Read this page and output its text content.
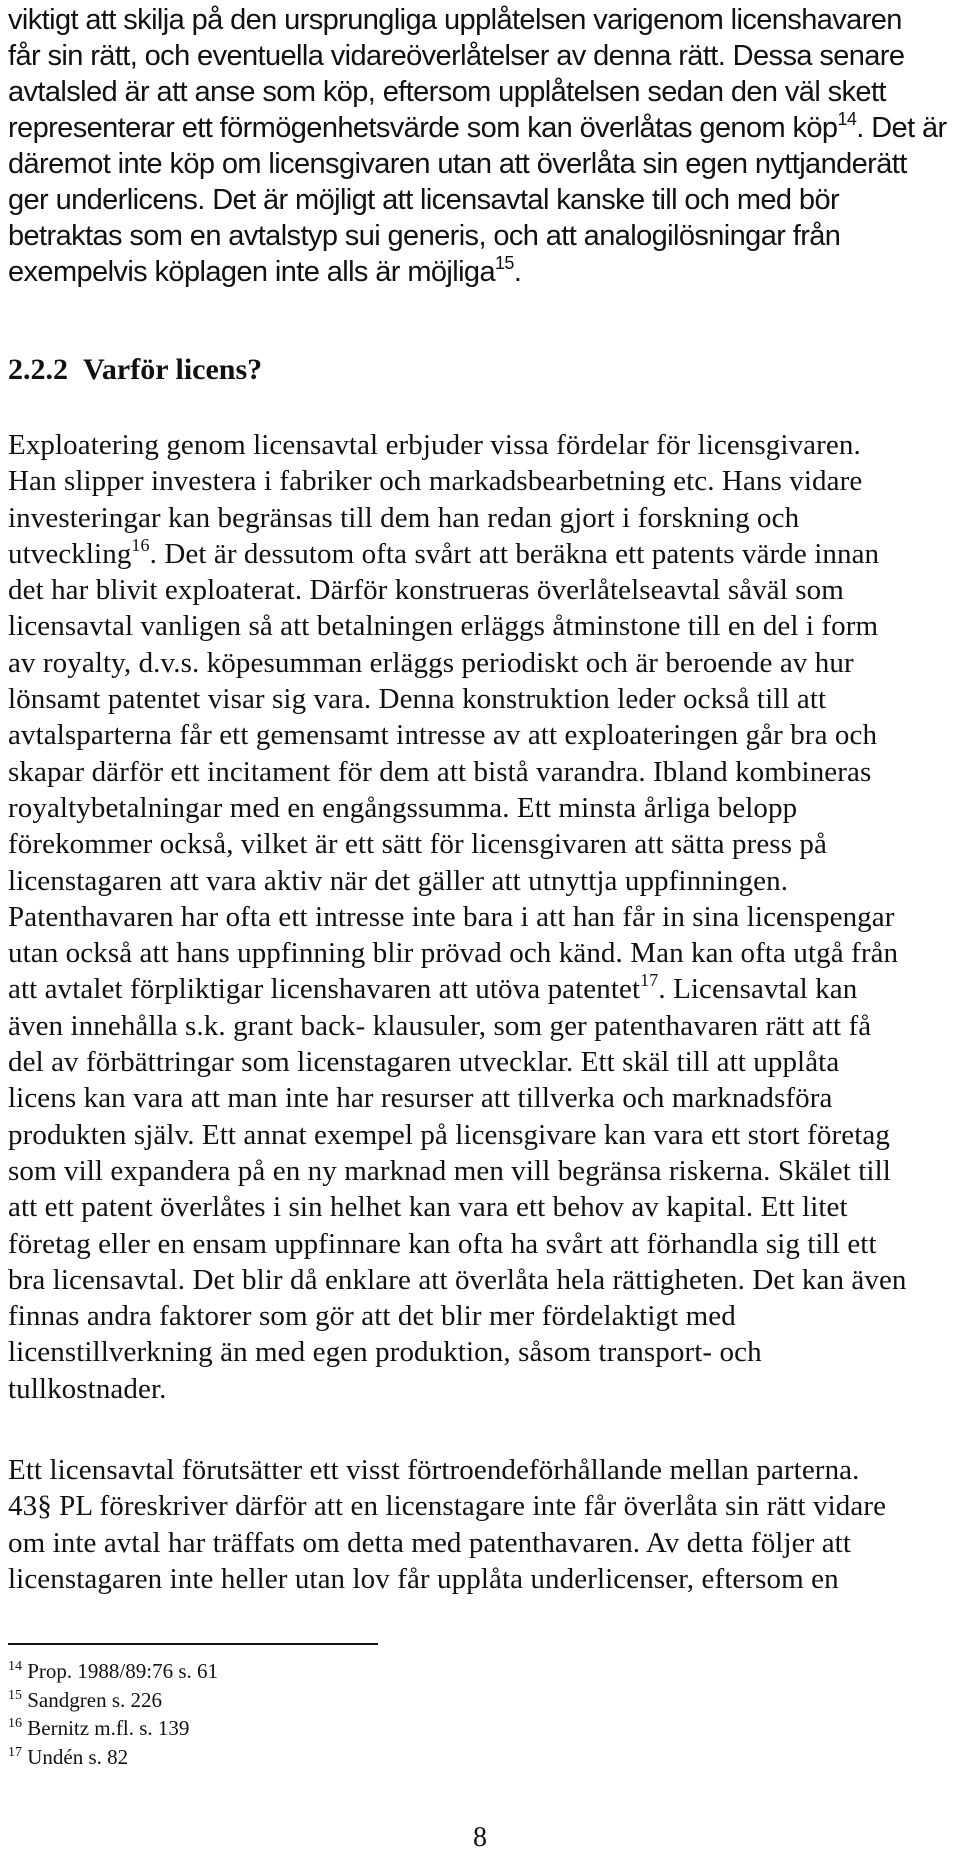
viktigt att skilja på den ursprungliga upplåtelsen varigenom licenshavaren
får sin rätt, och eventuella vidareöverlåtelser av denna rätt. Dessa senare
avtalsled är att anse som köp, eftersom upplåtelsen sedan den väl skett
representerar ett förmögenhetsvärde som kan överlåtas genom köp$^{14}$. Det är
däremot inte köp om licensgivaren utan att överlåta sin egen nyttjanderätt
ger underlicens. Det är möjligt att licensavtal kanske till och med bör
betraktas som en avtalstyp sui generis, och att analogilösningar från
exempelvis köplagen inte alls är möjliga$^{15}$.

2.2.2 Varför licens?

Exploatering genom licensavtal erbjuder vissa fördelar för licensgivaren.
Han slipper investera i fabriker och markadsbearbetning etc. Hans vidare
investeringar kan begränsas till dem han redan gjort i forskning och
utveckling$^{16}$. Det är dessutom ofta svårt att beräkna ett patents värde innan
det har blivit exploaterat. Därför konstrueras överlåtelseavtal såväl som
licensavtal vanligen så att betalningen erläggs åtminstone till en del i form
av royalty, d.v.s. köpesumman erläggs periodiskt och är beroende av hur
lönsamt patentet visar sig vara. Denna konstruktion leder också till att
avtalsparterna får ett gemensamt intresse av att exploateringen går bra och
skapar därför ett incitament för dem att bistå varandra. Ibland kombineras
royaltybetalningar med en engångssumma. Ett minsta årliga belopp
förekommer också, vilket är ett sätt för licensgivaren att sätta press på
licenstagaren att vara aktiv när det gäller att utnyttja uppfinningen.
Patenthavaren har ofta ett intresse inte bara i att han får in sina licenspengar
utan också att hans uppfinning blir prövad och känd. Man kan ofta utgå från
att avtalet förpliktigar licenshavaren att utöva patentet$^{17}$. Licensavtal kan
även innehålla s.k. grant back- klausuler, som ger patenthavaren rätt att få
del av förbättringar som licenstagaren utvecklar. Ett skäl till att upplåta
licens kan vara att man inte har resurser att tillverka och marknadsföra
produkten själv. Ett annat exempel på licensgivare kan vara ett stort företag
som vill expandera på en ny marknad men vill begränsa riskerna. Skälet till
att ett patent överlåtes i sin helhet kan vara ett behov av kapital. Ett litet
företag eller en ensam uppfinnare kan ofta ha svårt att förhandla sig till ett
bra licensavtal. Det blir då enklare att överlåta hela rättigheten. Det kan även
finnas andra faktorer som gör att det blir mer fördelaktigt med
licenstillverkning än med egen produktion, såsom transport- och
tullkostnader.

Ett licensavtal förutsätter ett visst förtroendeförhållande mellan parterna.
43§ PL föreskriver därför att en licenstagare inte får överlåta sin rätt vidare
om inte avtal har träffats om detta med patenthavaren. Av detta följer att
licenstagaren inte heller utan lov får upplåta underlicenser, eftersom en

$^{14}$ Prop. 1988/89:76 s. 61
$^{15}$ Sandgren s. 226
$^{16}$ Bernitz m.fl. s. 139
$^{17}$ Undén s. 82
8
